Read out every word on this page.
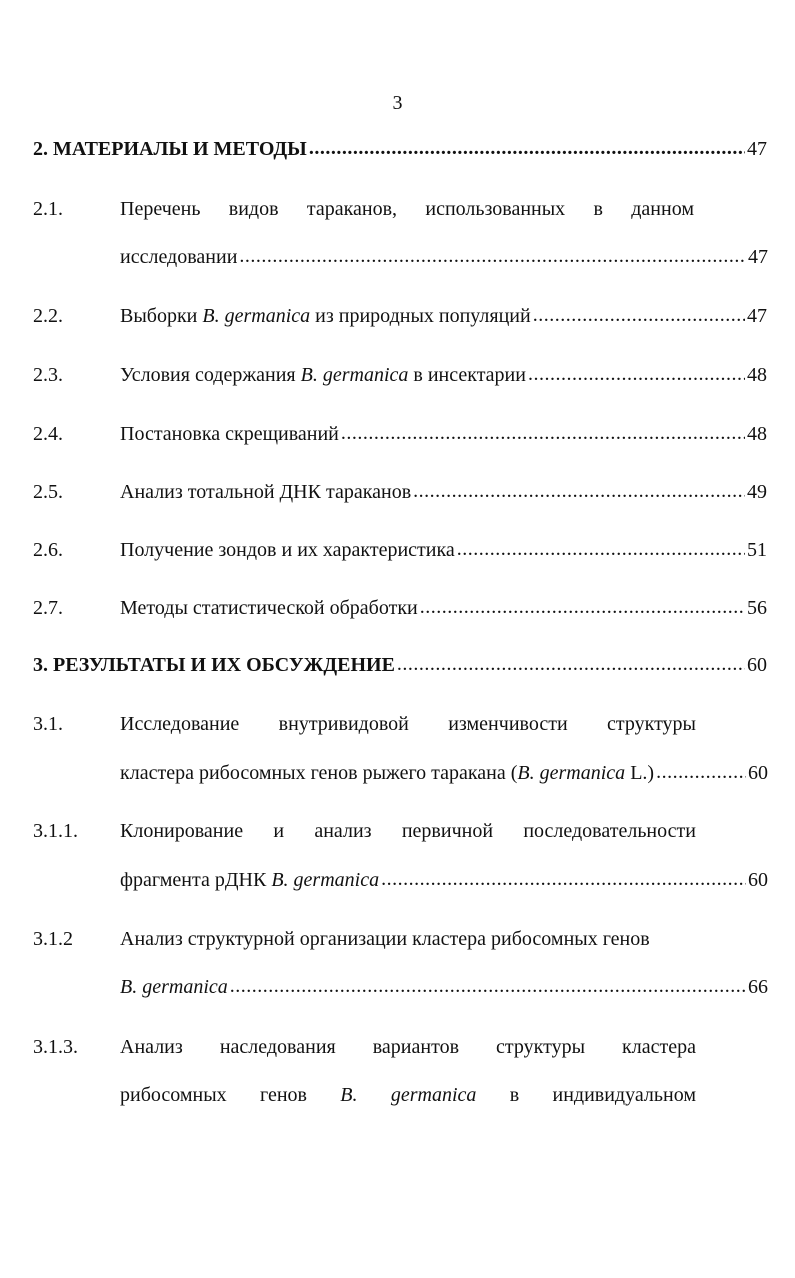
3
2. МАТЕРИАЛЫ И МЕТОДЫ .....	47
2.1.	Перечень видов тараканов, использованных в данном
исследовании .....	47
2.2.	Выборки B. germanica из природных популяций .....	47
2.3.	Условия содержания B. germanica в инсектарии .....	48
2.4.	Постановка скрещиваний .....	48
2.5.	Анализ тотальной ДНК тараканов .....	49
2.6.	Получение зондов и их характеристика .....	51
2.7.	Методы статистической обработки .....	56
3. РЕЗУЛЬТАТЫ И ИХ ОБСУЖДЕНИЕ .....	60
3.1.	Исследование внутривидовой изменчивости структуры
кластера рибосомных генов рыжего таракана (B. germanica L.) .....	60
3.1.1. Клонирование и анализ первичной последовательности
фрагмента рДНК B. germanica .....	60
3.1.2 Анализ структурной организации кластера рибосомных генов
B. germanica .....	66
3.1.3. Анализ наследования вариантов структуры кластера
рибосомных генов B. germanica в индивидуальном
